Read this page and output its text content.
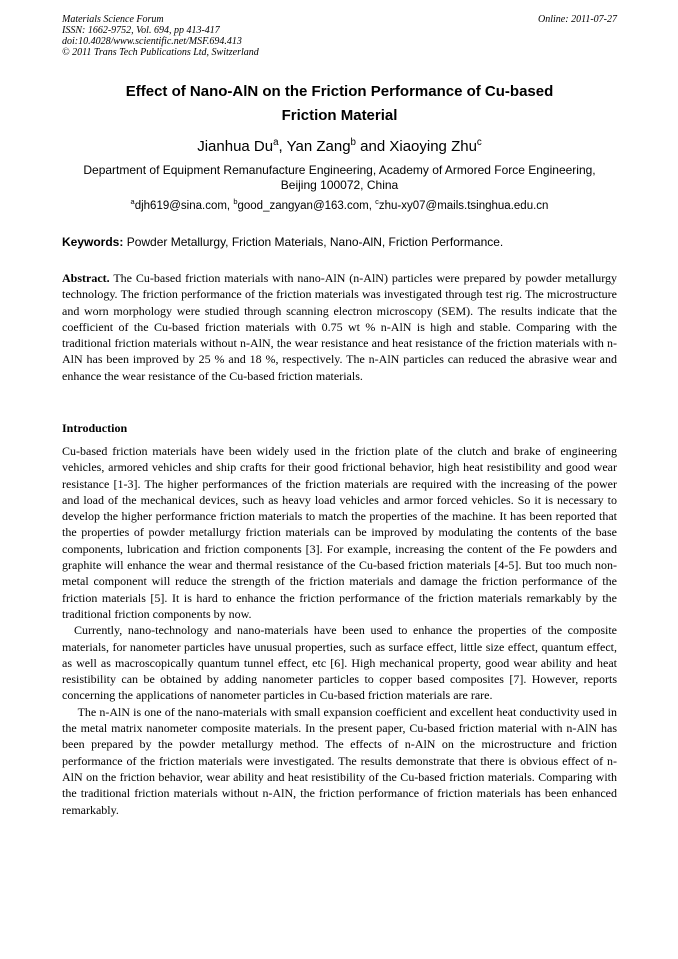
Materials Science Forum
ISSN: 1662-9752, Vol. 694, pp 413-417
doi:10.4028/www.scientific.net/MSF.694.413
© 2011 Trans Tech Publications Ltd, Switzerland
Online: 2011-07-27
Effect of Nano-AlN on the Friction Performance of Cu-based
Friction Material
Jianhua Du$^a$, Yan Zang$^b$ and Xiaoying Zhu$^c$
Department of Equipment Remanufacture Engineering, Academy of Armored Force Engineering,
Beijing 100072, China
$^a$djh619@sina.com, $^b$good_zangyan@163.com, $^c$zhu-xy07@mails.tsinghua.edu.cn
Keywords: Powder Metallurgy, Friction Materials, Nano-AlN, Friction Performance.

Abstract. The Cu-based friction materials with nano-AlN (n-AlN) particles were prepared by powder metallurgy technology. The friction performance of the friction materials was investigated through test rig. The microstructure and worn morphology were studied through scanning electron microscopy (SEM). The results indicate that the coefficient of the Cu-based friction materials with 0.75 wt % n-AlN is high and stable. Comparing with the traditional friction materials without n-AlN, the wear resistance and heat resistance of the friction materials with n-AlN has been improved by 25 % and 18 %, respectively. The n-AlN particles can reduced the abrasive wear and enhance the wear resistance of the Cu-based friction materials.

Introduction

Cu-based friction materials have been widely used in the friction plate of the clutch and brake of engineering vehicles, armored vehicles and ship crafts for their good frictional behavior, high heat resistibility and good wear resistance [1-3]. The higher performances of the friction materials are required with the increasing of the power and load of the mechanical devices, such as heavy load vehicles and armor forced vehicles. So it is necessary to develop the higher performance friction materials to match the properties of the machine. It has been reported that the properties of powder metallurgy friction materials can be improved by modulating the contents of the base components, lubrication and friction components [3]. For example, increasing the content of the Fe powders and graphite will enhance the wear and thermal resistance of the Cu-based friction materials [4-5]. But too much non-metal component will reduce the strength of the friction materials and damage the friction performance of the friction materials [5]. It is hard to enhance the friction performance of the friction materials remarkably by the traditional friction components by now.

Currently, nano-technology and nano-materials have been used to enhance the properties of the composite materials, for nanometer particles have unusual properties, such as surface effect, little size effect, quantum effect, as well as macroscopically quantum tunnel effect, etc [6]. High mechanical property, good wear ability and heat resistibility can be obtained by adding nanometer particles to copper based composites [7]. However, reports concerning the applications of nanometer particles in Cu-based friction materials are rare.

The n-AlN is one of the nano-materials with small expansion coefficient and excellent heat conductivity used in the metal matrix nanometer composite materials. In the present paper, Cu-based friction material with n-AlN has been prepared by the powder metallurgy method. The effects of n-AlN on the microstructure and friction performance of the friction materials were investigated. The results demonstrate that there is obvious effect of n-AlN on the friction behavior, wear ability and heat resistibility of the Cu-based friction materials. Comparing with the traditional friction materials without n-AlN, the friction performance of friction materials has been enhanced remarkably.
